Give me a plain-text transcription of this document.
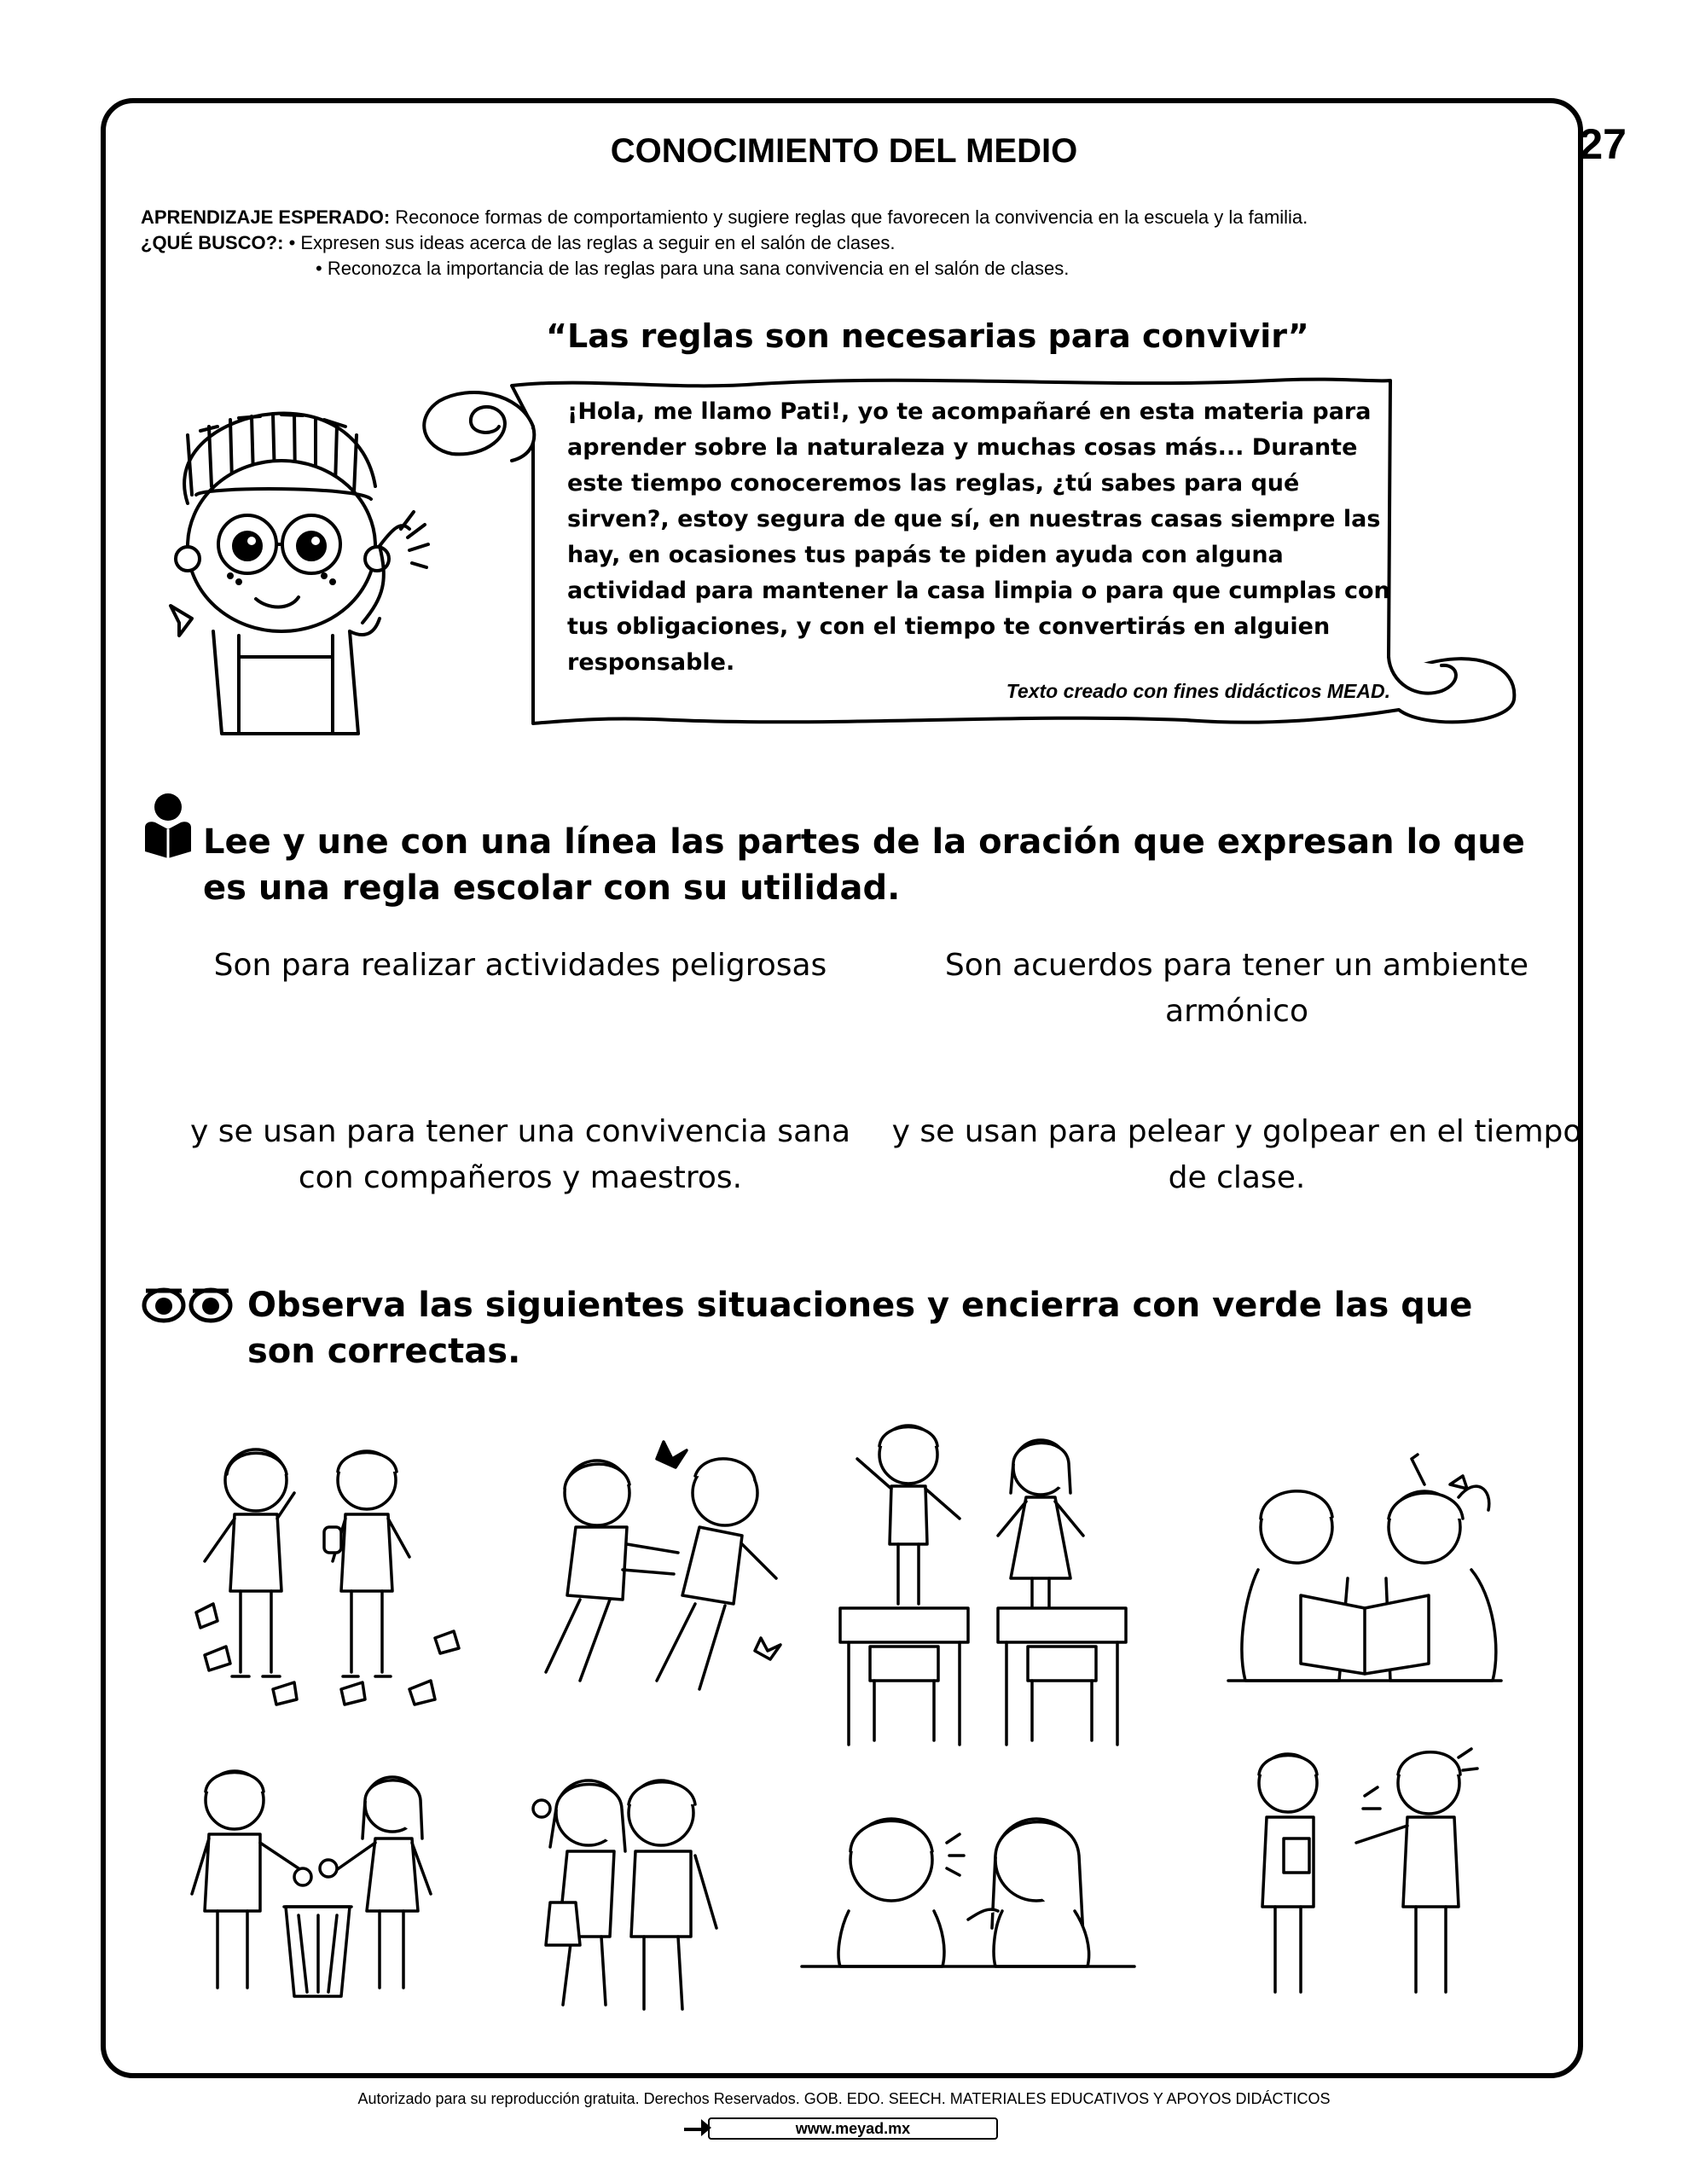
27
CONOCIMIENTO DEL MEDIO
APRENDIZAJE ESPERADO: Reconoce formas de comportamiento y sugiere reglas que favorecen la convivencia en la escuela y la familia.
¿QUÉ BUSCO?: • Expresen sus ideas acerca de las reglas a seguir en el salón de clases.
• Reconozca la importancia de las reglas para una sana convivencia en el salón de clases.
“Las reglas son necesarias para convivir”
¡Hola, me llamo Pati!, yo te acompañaré en esta materia para aprender sobre la naturaleza y muchas cosas más... Durante este tiempo conoceremos las reglas, ¿tú sabes para qué sirven?, estoy segura de que sí, en nuestras casas siempre las hay, en ocasiones tus papás te piden ayuda con alguna actividad para mantener la casa limpia o para que cumplas con tus obligaciones, y con el tiempo te convertirás en alguien responsable.
Texto creado con fines didácticos MEAD.
Lee y une con una línea las partes de la oración que expresan lo que es una regla escolar con su utilidad.
Son para realizar actividades peligrosas	Son acuerdos para tener un ambiente armónico
y se usan para tener una convivencia sana con compañeros y maestros.
y se usan para pelear y golpear en el tiempo de clase.
Observa las siguientes situaciones y encierra con verde las que son correctas.
Autorizado para su reproducción gratuita. Derechos Reservados. GOB. EDO. SEECH. MATERIALES EDUCATIVOS Y APOYOS DIDÁCTICOS
www.meyad.mx
